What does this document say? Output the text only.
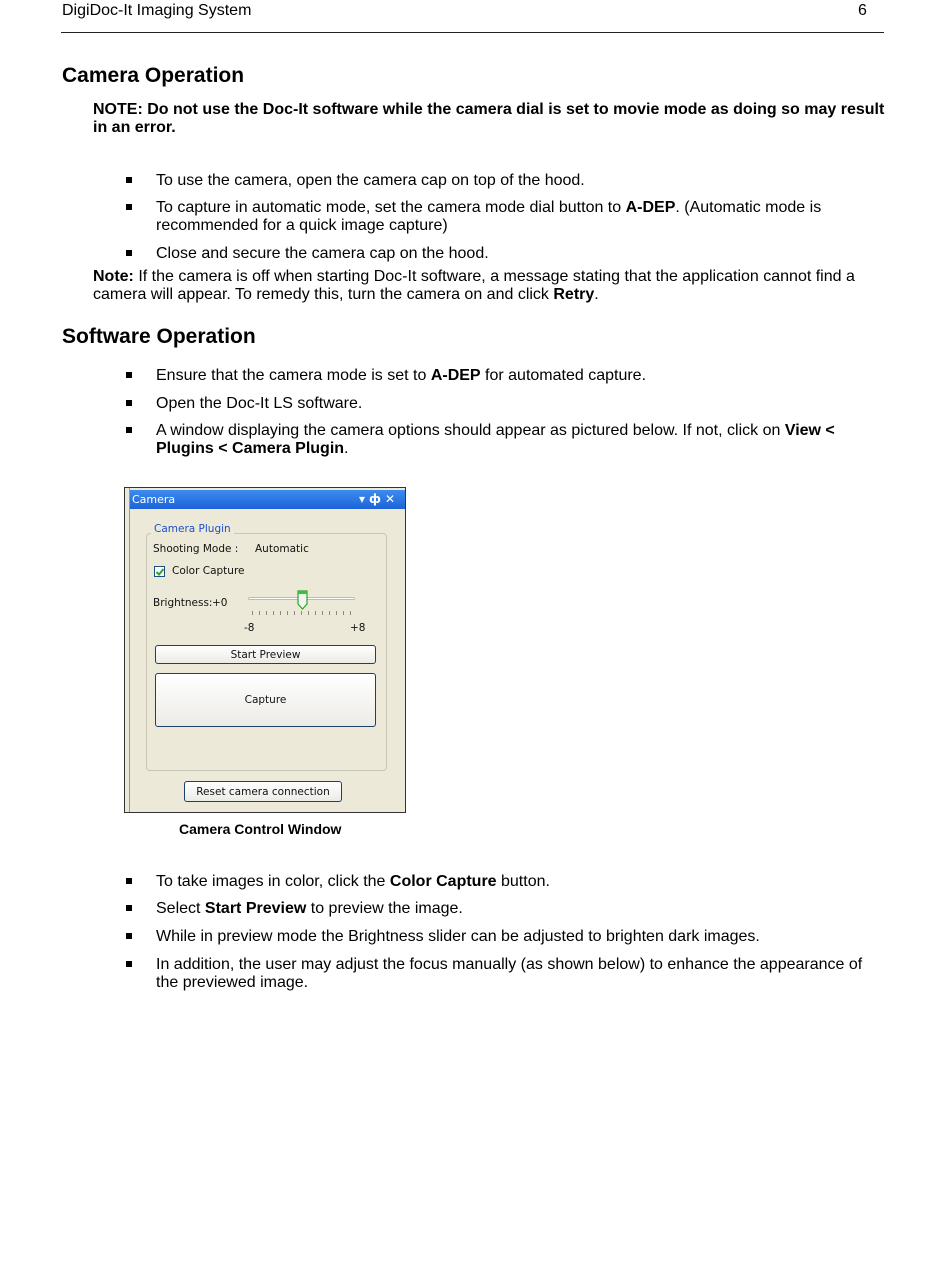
DigiDoc-It Imaging System	6
Camera Operation
NOTE: Do not use the Doc-It software while the camera dial is set to movie mode as doing so may result in an error.
To use the camera, open the camera cap on top of the hood.
To capture in automatic mode, set the camera mode dial button to A-DEP. (Automatic mode is recommended for a quick image capture)
Close and secure the camera cap on the hood.
Note: If the camera is off when starting Doc-It software, a message stating that the application cannot find a camera will appear. To remedy this, turn the camera on and click Retry.
Software Operation
Ensure that the camera mode is set to A-DEP for automated capture.
Open the Doc-It LS software.
A window displaying the camera options should appear as pictured below. If not, click on View < Plugins < Camera Plugin.
Camera	▾ф✕
Camera Plugin
Shooting Mode : Automatic
Color Capture
Brightness: +0
-8	+8
Start Preview
Capture
Reset camera connection
Camera Control Window
To take images in color, click the Color Capture button.
Select Start Preview to preview the image.
While in preview mode the Brightness slider can be adjusted to brighten dark images.
In addition, the user may adjust the focus manually (as shown below) to enhance the appearance of the previewed image.
